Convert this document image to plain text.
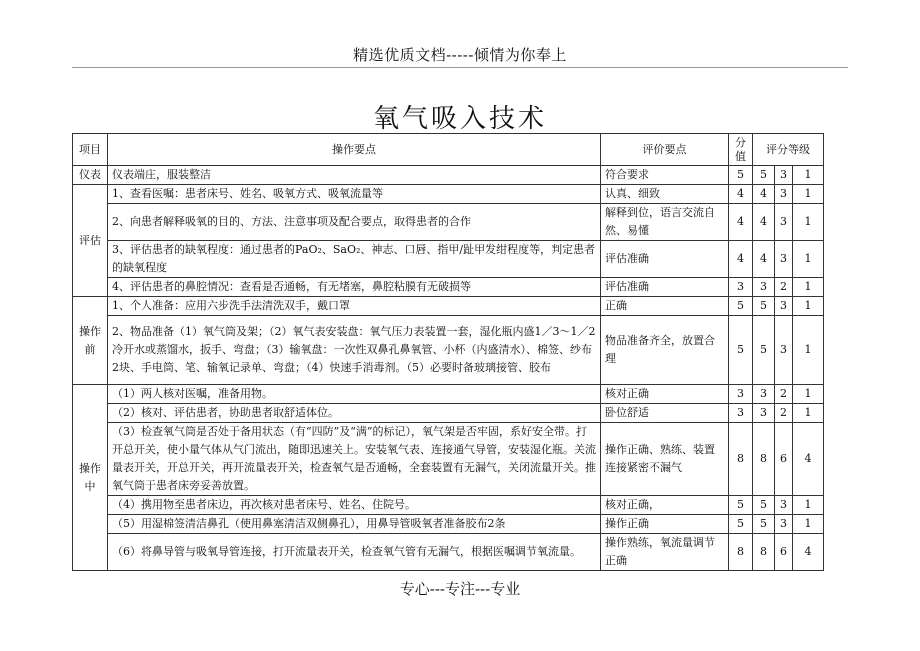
精选优质文档-----倾情为你奉上
氧气吸入技术
项目	操作要点	评价要点	分值	评分等级		
仪表	仪表端庄，服装整洁	符合要求	5	5	3	1
评估	1、查看医嘱：患者床号、姓名、吸氧方式、吸氧流量等	认真、细致	4	4	3	1
	2、向患者解释吸氧的目的、方法、注意事项及配合要点，取得患者的合作	解释到位，语言交流自然、易懂	4	4	3	1
	3、评估患者的缺氧程度：通过患者的PaO₂、SaO₂、神志、口唇、指甲/趾甲发绀程度等，判定患者的缺氧程度	评估准确	4	4	3	1
	4、评估患者的鼻腔情况：查看是否通畅，有无堵塞，鼻腔粘膜有无破损等	评估准确	3	3	2	1
操作前	1、个人准备：应用六步洗手法清洗双手，戴口罩	正确	5	5	3	1
	2、物品准备（1）氧气筒及架；（2）氧气表安装盘：氧气压力表装置一套，湿化瓶内盛1／3～1／2冷开水或蒸馏水，扳手、弯盘；（3）输氧盘：一次性双鼻孔鼻氧管、小杯（内盛清水）、棉签、纱布2块、手电筒、笔、输氧记录单、弯盘；（4）快速手消毒剂。（5）必要时备玻璃接管、胶布	物品准备齐全，放置合理	5	5	3	1
操作中	（1）两人核对医嘱，准备用物。	核对正确	3	3	2	1
	（2）核对、评估患者，协助患者取舒适体位。	卧位舒适	3	3	2	1
	（3）检查氧气筒是否处于备用状态（有“四防”及“满”的标记），氧气架是否牢固，系好安全带。打开总开关，使小量气体从气门流出，随即迅速关上。安装氧气表、连接通气导管，安装湿化瓶。关流量表开关，开总开关，再开流量表开关，检查氧气是否通畅，全套装置有无漏气，关闭流量开关。推氧气筒于患者床旁妥善放置。	操作正确、熟练、装置连接紧密不漏气	8	8	6	4
	（4）携用物至患者床边，再次核对患者床号、姓名、住院号。	核对正确，	5	5	3	1
	（5）用湿棉签清洁鼻孔（使用鼻塞清洁双侧鼻孔），用鼻导管吸氧者准备胶布2条	操作正确	5	5	3	1
	（6）将鼻导管与吸氧导管连接，打开流量表开关，检查氧气管有无漏气，根据医嘱调节氧流量。	操作熟练，氧流量调节正确	8	8	6	4
专心---专注---专业
